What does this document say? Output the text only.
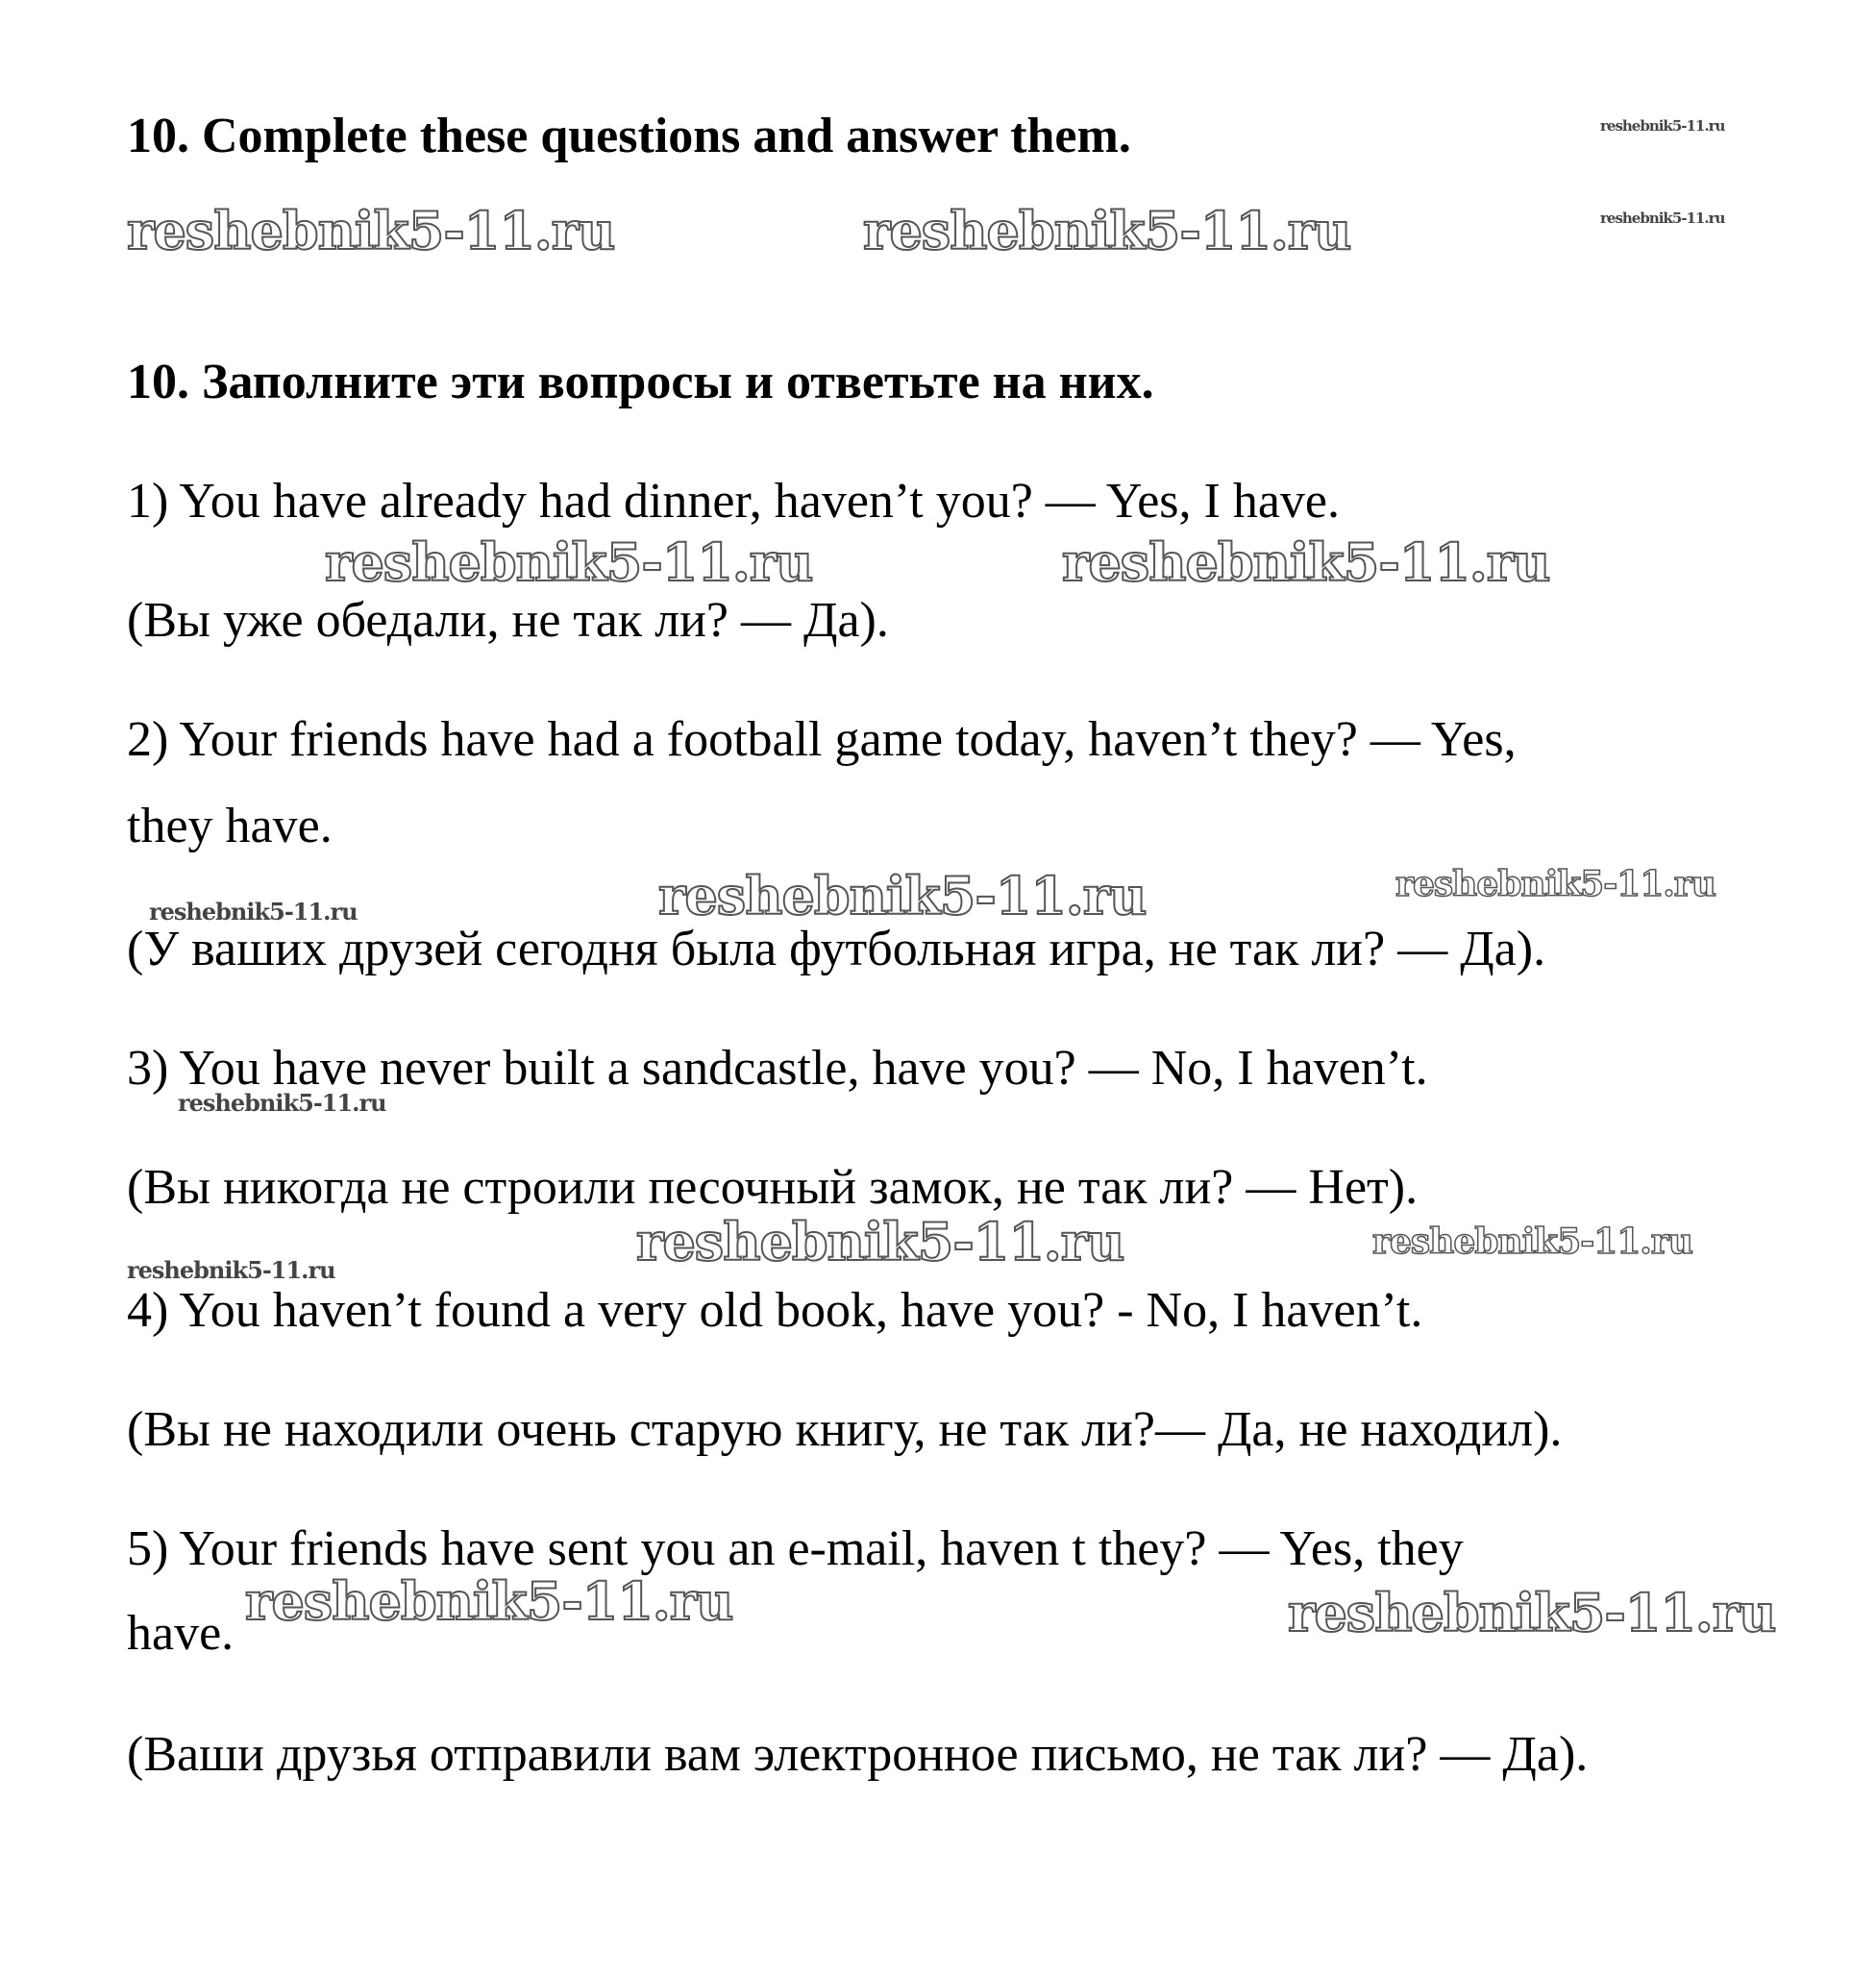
10. Complete these questions and answer them.
10. Заполните эти вопросы и ответьте на них.
1) You have already had dinner, haven’t you? — Yes, I have.
(Вы уже обедали, не так ли? — Да).
2) Your friends have had a football game today, haven’t they? — Yes,
they have.
(У ваших друзей сегодня была футбольная игра, не так ли? — Да).
3) You have never built a sandcastle, have you? — No, I haven’t.
(Вы никогда не строили песочный замок, не так ли? — Нет).
4) You haven’t found a very old book, have you? - No, I haven’t.
(Вы не находили очень старую книгу, не так ли?— Да, не находил).
5) Your friends have sent you an e-mail, haven t they? — Yes, they
have.
(Ваши друзья отправили вам электронное письмо, не так ли? — Да).
reshebnik5-11.ru
reshebnik5-11.ru
reshebnik5-11.ru	reshebnik5-11.ru
reshebnik5-11.ru	reshebnik5-11.ru
reshebnik5-11.ru	reshebnik5-11.ru	reshebnik5-11.ru
reshebnik5-11.ru
reshebnik5-11.ru	reshebnik5-11.ru
reshebnik5-11.ru
reshebnik5-11.ru	reshebnik5-11.ru
